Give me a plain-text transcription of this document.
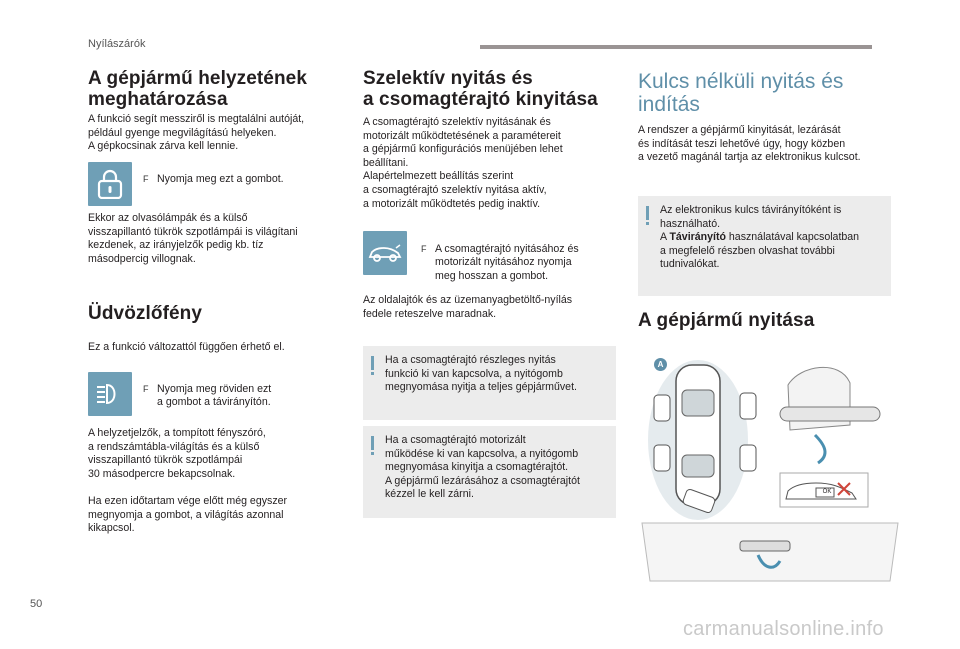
Nyílászárók
A gépjármű helyzetének
meghatározása

A funkció segít messziről is megtalálni autóját,
például gyenge megvilágítású helyeken.
A gépkocsinak zárva kell lennie.

F Nyomja meg ezt a gombot.

Ekkor az olvasólámpák és a külső
visszapillantó tükrök szpotlámpái is világítani
kezdenek, az irányjelzők pedig kb. tíz
másodpercig villognak.

Üdvözlőfény

Ez a funkció változattól függően érhető el.

F Nyomja meg röviden ezt
a gombot a távirányítón.

A helyzetjelzők, a tompított fényszóró,
a rendszámtábla-világítás és a külső
visszapillantó tükrök szpotlámpái
30 másodpercre bekapcsolnak.

Ha ezen időtartam vége előtt még egyszer
megnyomja a gombot, a világítás azonnal
kikapcsol.

Szelektív nyitás és
a csomagtérajtó kinyitása

A csomagtérajtó szelektív nyitásának és
motorizált működtetésének a paramétereit
a gépjármű konfigurációs menüjében lehet
beállítani.
Alapértelmezett beállítás szerint
a csomagtérajtó szelektív nyitása aktív,
a motorizált működtetés pedig inaktív.

F A csomagtérajtó nyitásához és
motorizált nyitásához nyomja
meg hosszan a gombot.

Az oldalajtók és az üzemanyagbetöltő-nyílás
fedele reteszelve maradnak.

Ha a csomagtérajtó részleges nyitás
funkció ki van kapcsolva, a nyitógomb
megnyomása nyitja a teljes gépjárművet.

Ha a csomagtérajtó motorizált
működése ki van kapcsolva, a nyitógomb
megnyomása kinyitja a csomagtérajtót.
A gépjármű lezárásához a csomagtérajtót
kézzel le kell zárni.

Kulcs nélküli nyitás és
indítás

A rendszer a gépjármű kinyitását, lezárását
és indítását teszi lehetővé úgy, hogy közben
a vezető magánál tartja az elektronikus kulcsot.

Az elektronikus kulcs távirányítóként is
használható.
A Távirányító használatával kapcsolatban
a megfelelő részben olvashat további
tudnivalókat.

A gépjármű nyitása
A
OK
50
carmanualsonline.info
